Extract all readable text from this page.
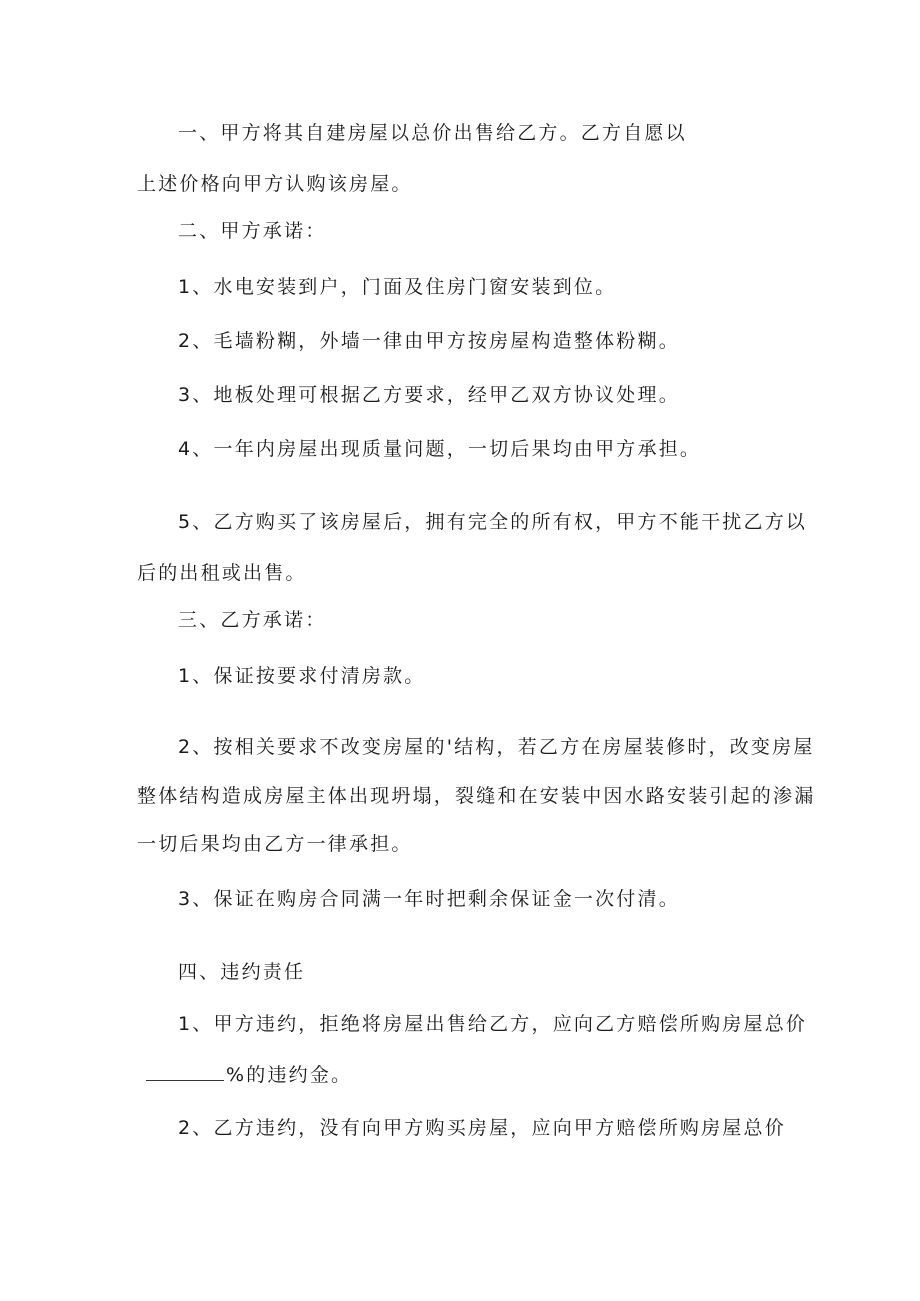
一、甲方将其自建房屋以总价出售给乙方。乙方自愿以
上述价格向甲方认购该房屋。
二、甲方承诺：
1、水电安装到户，门面及住房门窗安装到位。
2、毛墙粉糊，外墙一律由甲方按房屋构造整体粉糊。
3、地板处理可根据乙方要求，经甲乙双方协议处理。
4、一年内房屋出现质量问题，一切后果均由甲方承担。
5、乙方购买了该房屋后，拥有完全的所有权，甲方不能干扰乙方以
后的出租或出售。
三、乙方承诺：
1、保证按要求付清房款。
2、按相关要求不改变房屋的'结构，若乙方在房屋装修时，改变房屋
整体结构造成房屋主体出现坍塌，裂缝和在安装中因水路安装引起的渗漏
一切后果均由乙方一律承担。
3、保证在购房合同满一年时把剩余保证金一次付清。
四、违约责任
1、甲方违约，拒绝将房屋出售给乙方，应向乙方赔偿所购房屋总价
%的违约金。
2、乙方违约，没有向甲方购买房屋，应向甲方赔偿所购房屋总价
